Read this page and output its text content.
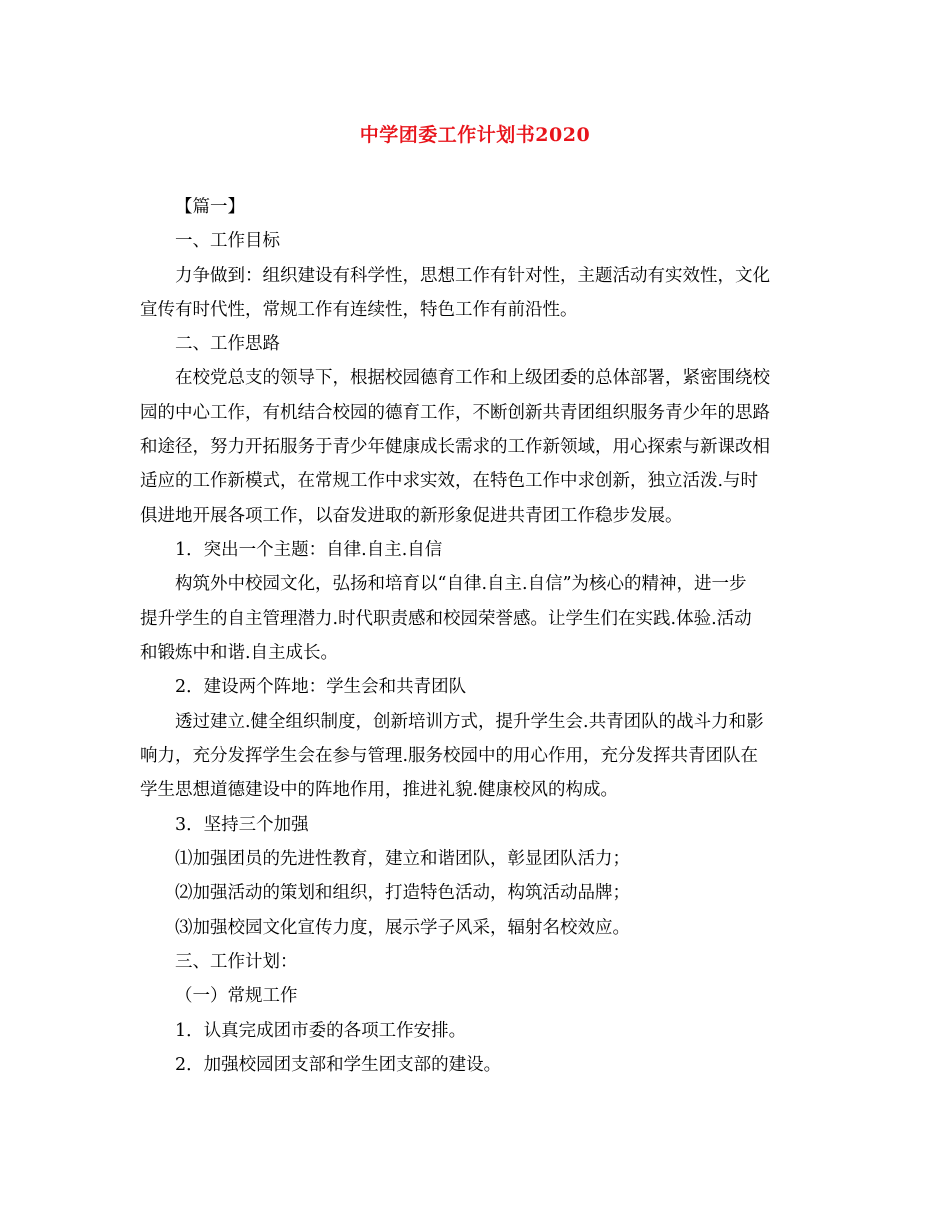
中学团委工作计划书2020
【篇一】
一、工作目标
力争做到：组织建设有科学性，思想工作有针对性，主题活动有实效性，文化
宣传有时代性，常规工作有连续性，特色工作有前沿性。
二、工作思路
在校党总支的领导下，根据校园德育工作和上级团委的总体部署，紧密围绕校
园的中心工作，有机结合校园的德育工作，不断创新共青团组织服务青少年的思路
和途径，努力开拓服务于青少年健康成长需求的工作新领域，用心探索与新课改相
适应的工作新模式，在常规工作中求实效，在特色工作中求创新，独立活泼.与时
俱进地开展各项工作，以奋发进取的新形象促进共青团工作稳步发展。
1．突出一个主题：自律.自主.自信
构筑外中校园文化，弘扬和培育以“自律.自主.自信”为核心的精神，进一步
提升学生的自主管理潜力.时代职责感和校园荣誉感。让学生们在实践.体验.活动
和锻炼中和谐.自主成长。
2．建设两个阵地：学生会和共青团队
透过建立.健全组织制度，创新培训方式，提升学生会.共青团队的战斗力和影
响力，充分发挥学生会在参与管理.服务校园中的用心作用，充分发挥共青团队在
学生思想道德建设中的阵地作用，推进礼貌.健康校风的构成。
3．坚持三个加强
⑴加强团员的先进性教育，建立和谐团队，彰显团队活力；
⑵加强活动的策划和组织，打造特色活动，构筑活动品牌；
⑶加强校园文化宣传力度，展示学子风采，辐射名校效应。
三、工作计划：
（一）常规工作
1．认真完成团市委的各项工作安排。
2．加强校园团支部和学生团支部的建设。
